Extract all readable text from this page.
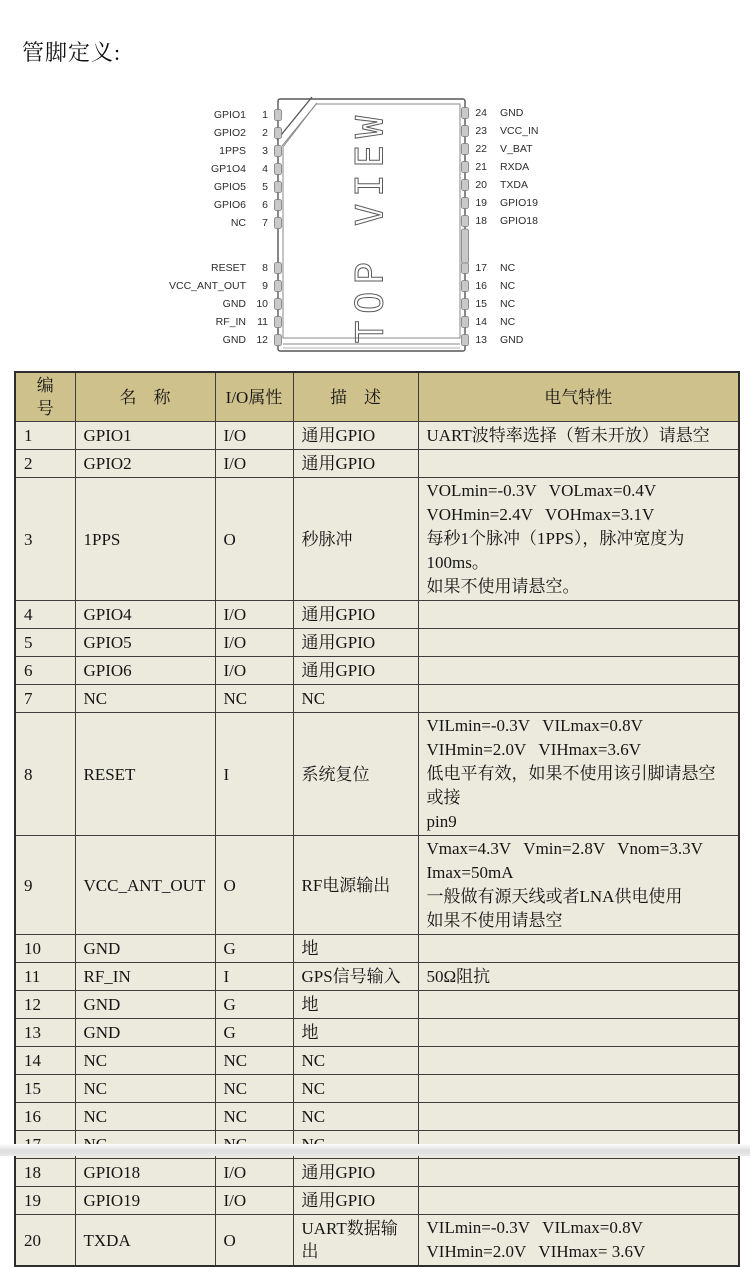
管脚定义:
TOP VIEW
GPIO1	1
GPIO2	2
1PPS	3
GP1O4	4
GPIO5	5
GPIO6	6
NC	7
RESET	8
VCC_ANT_OUT	9
GND 10
RF_IN 11
GND 12
24 GND
23 VCC_IN
22 V_BAT
21 RXDA
20 TXDA
19 GPIO19
18 GPIO18
17 NC
16 NC
15 NC
14 NC
13 GND
编　号	名　称	I/O属性	描　述	电气特性
1	GPIO1	I/O	通用GPIO	UART波特率选择（暂未开放）请悬空

2	GPIO2	I/O	通用GPIO	
3	1PPS	O	秒脉冲	VOLmin=-0.3V   VOLmax=0.4V
VOHmin=2.4V   VOHmax=3.1V
每秒1个脉冲（1PPS），脉冲宽度为100ms。
如果不使用请悬空。

4	GPIO4	I/O	通用GPIO	
5	GPIO5	I/O	通用GPIO	
6	GPIO6	I/O	通用GPIO	
7	NC	NC	NC	
8	RESET	I	系统复位	VILmin=-0.3V   VILmax=0.8V
VIHmin=2.0V   VIHmax=3.6V
低电平有效，如果不使用该引脚请悬空或接
pin9

9	VCC_ANT_OUT	O	RF电源输出	Vmax=4.3V   Vmin=2.8V   Vnom=3.3V
Imax=50mA
一般做有源天线或者LNA供电使用
如果不使用请悬空

10	GND	G	地	
11	RF_IN	I	GPS信号输入	50Ω阻抗

12	GND	G	地	
13	GND	G	地	
14	NC	NC	NC	
15	NC	NC	NC	
16	NC	NC	NC	

18	GPIO18	I/O	通用GPIO	
19	GPIO19	I/O	通用GPIO	
20	TXDA	O	UART数据输出	VILmin=-0.3V   VILmax=0.8V
VIHmin=2.0V   VIHmax= 3.6V
